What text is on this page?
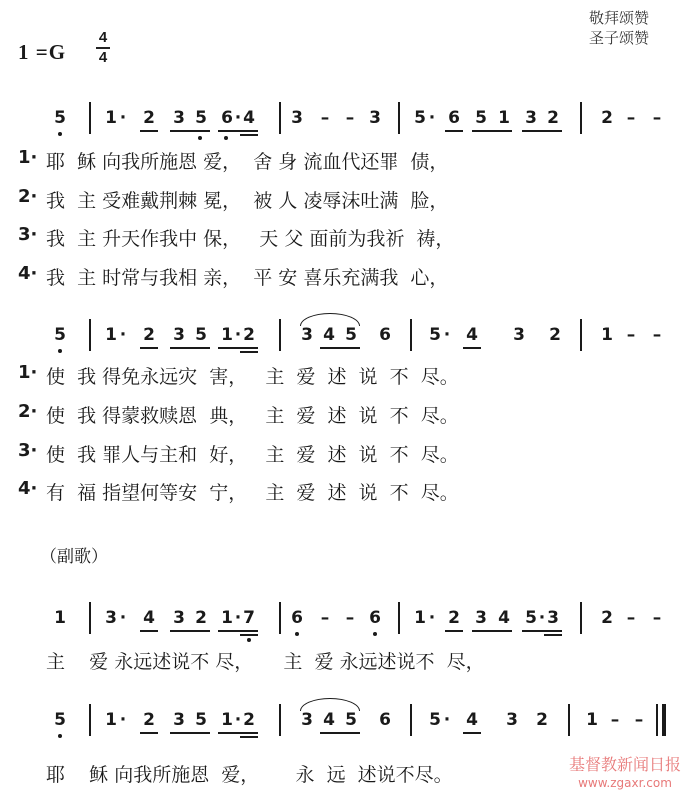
1 =G
4
4
敬拜颂赞
圣子颂赞
5 1 · 2 3 5 6 · 4 3 – – 3 5 · 6 5 1 3 2 2 – –
1· 耶  稣 向我所施恩 爱，  舍 身 流血代还罪  债，
2· 我  主 受难戴荆棘 冕，  被 人 凌辱沫吐满  脸，
3· 我  主 升天作我中 保，   天 父 面前为我祈  祷，
4· 我  主 时常与我相 亲，  平 安 喜乐充满我  心，
5 1 · 2 3 5 1 · 2	3 4 5 6 5 · 4 3 2 1 – –
1· 使  我 得免永远灾  害，   主  爱  述  说  不  尽。
2· 使  我 得蒙救赎恩  典，   主  爱  述  说  不  尽。
3· 使  我 罪人与主和  好，   主  爱  述  说  不  尽。
4· 有  福 指望何等安  宁，   主  爱  述  说  不  尽。
（副歌）
1 3 · 4 3 2 1 · 7 6 – – 6 1 · 2 3 4 5 · 3 2 – –
主    爱 永远述说不 尽，     主  爱 永远述说不  尽，
5 1 · 2 3 5 1 · 2	3 4 5 6 5 · 4 3 2 1 – –
耶    稣 向我所施恩  爱，      永  远  述说不尽。	基督教新闻日报
www.zgaxr.com
